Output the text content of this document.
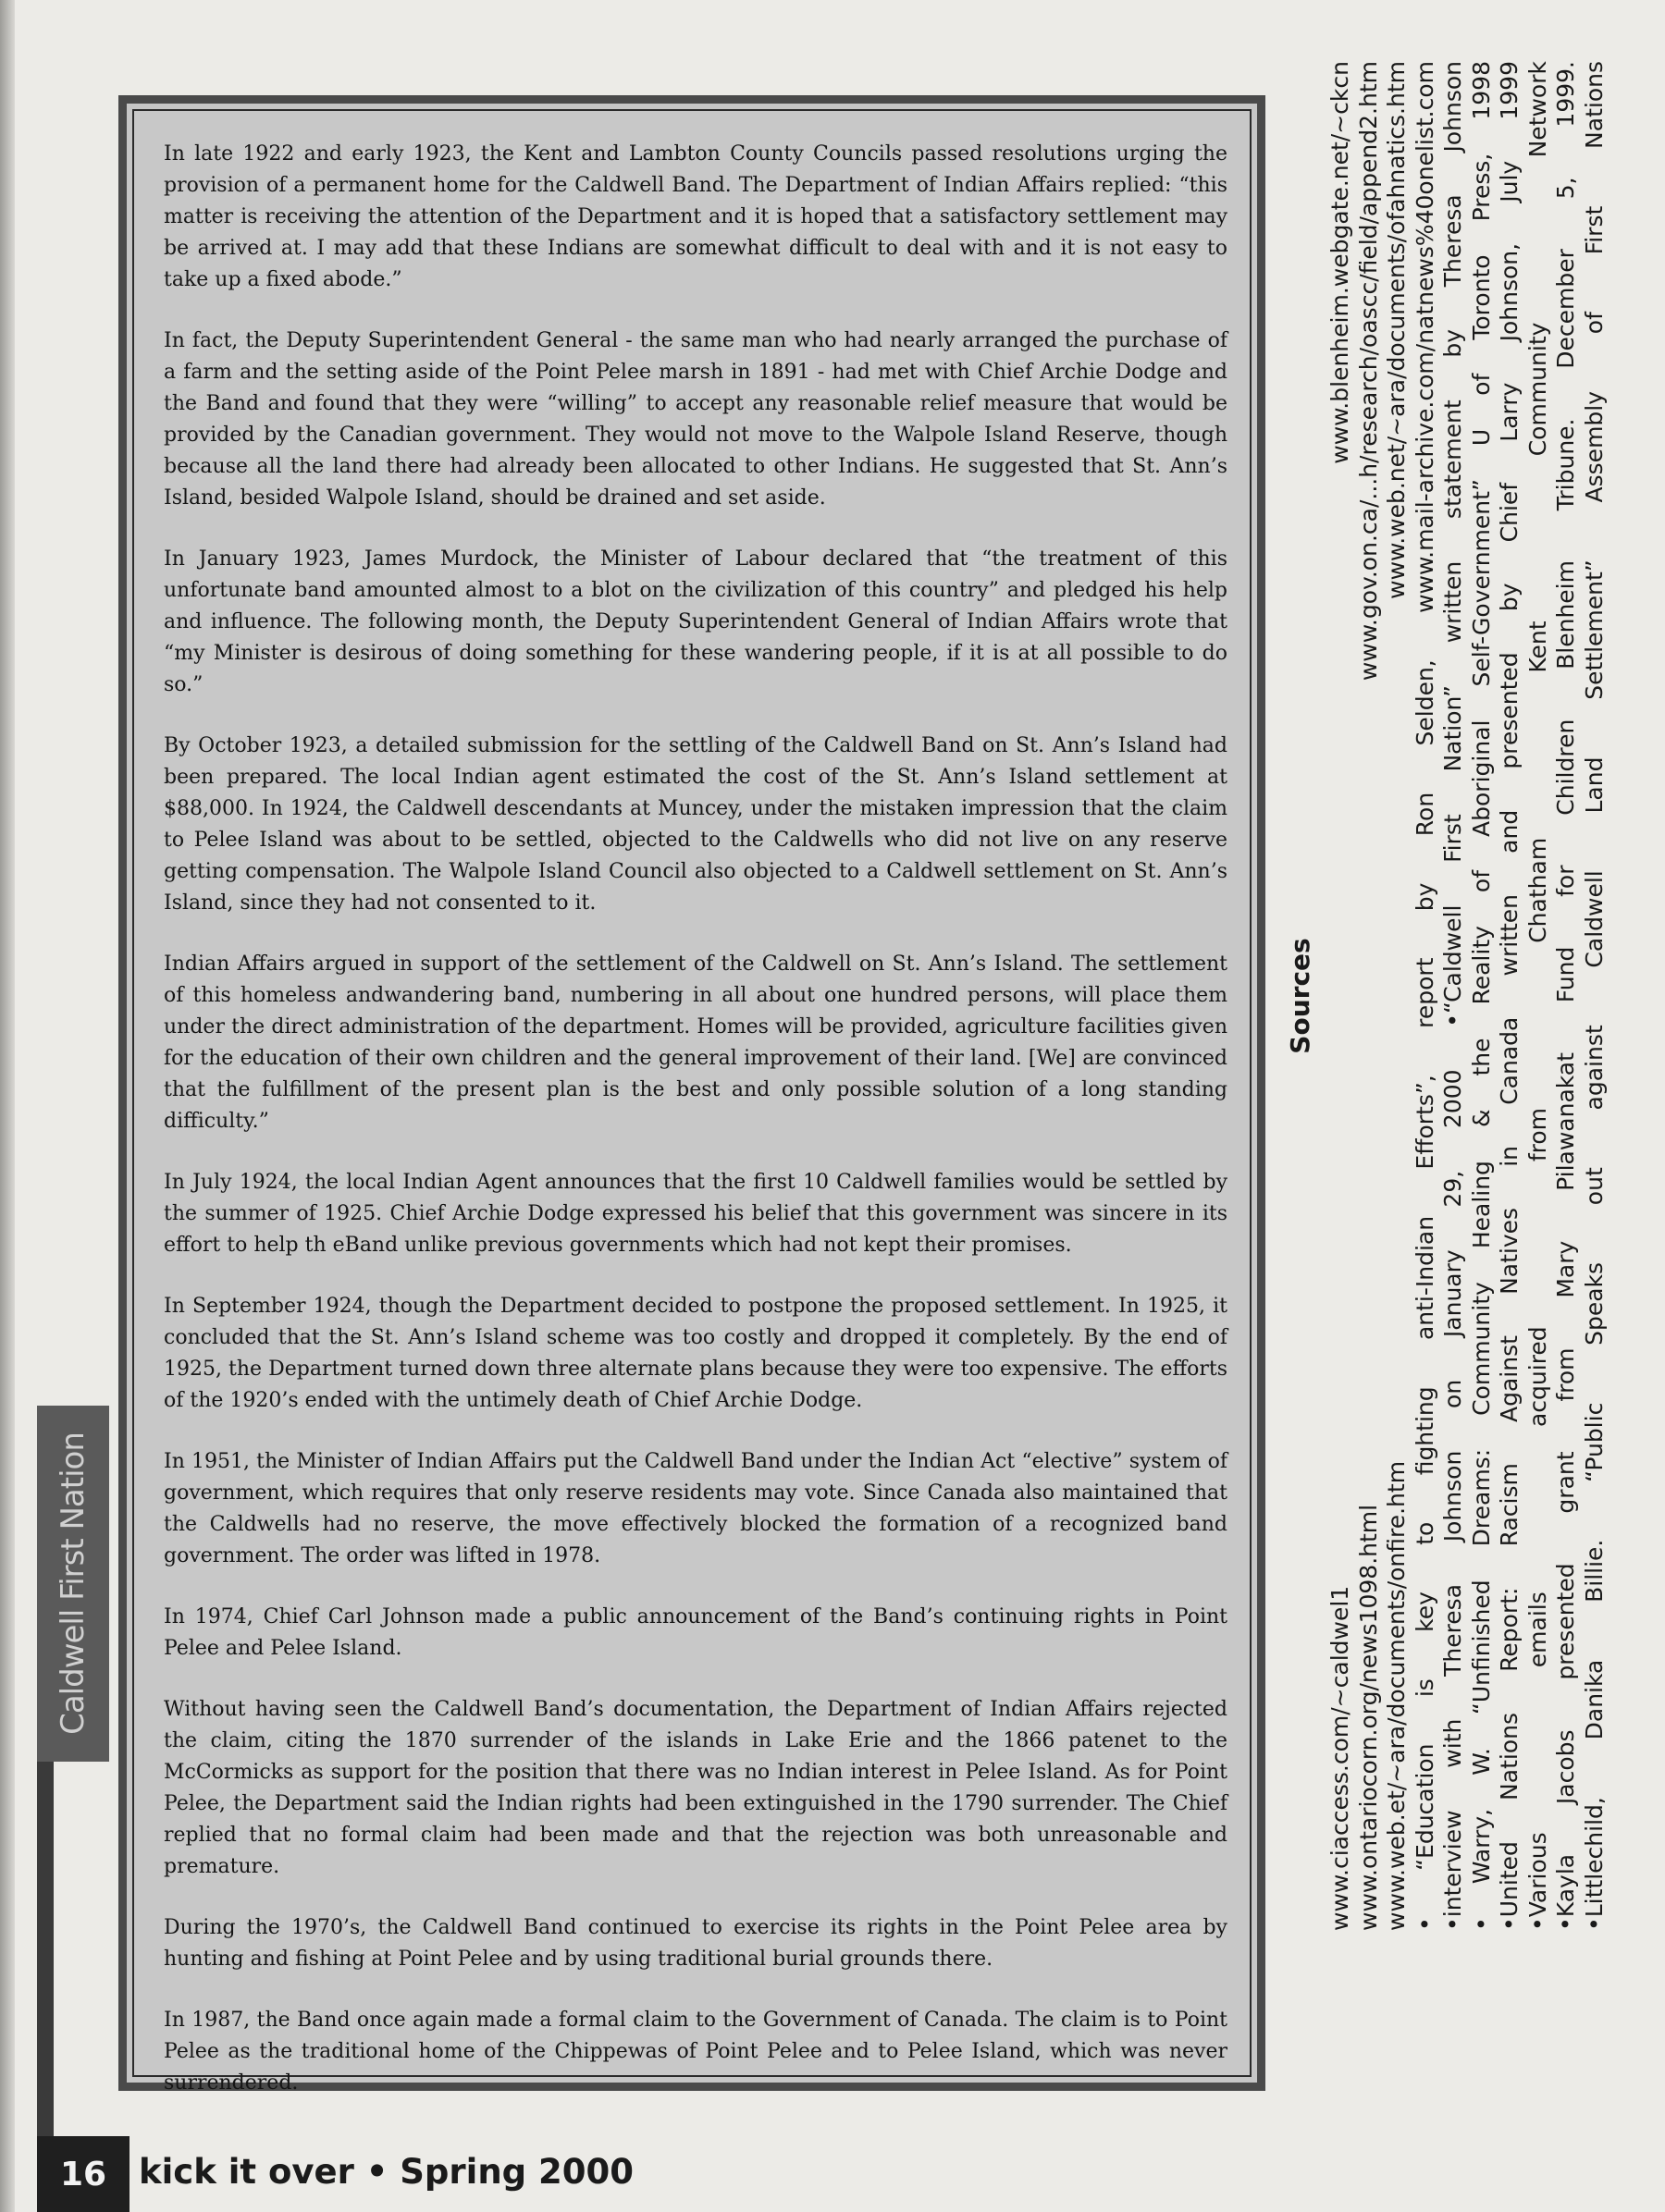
In late 1922 and early 1923, the Kent and Lambton County Councils passed resolutions urging the provision of a permanent home for the Caldwell Band. The Department of Indian Affairs replied: “this matter is receiving the attention of the Department and it is hoped that a satisfactory settlement may be arrived at. I may add that these Indians are somewhat difficult to deal with and it is not easy to take up a fixed abode.”

In fact, the Deputy Superintendent General - the same man who had nearly arranged the purchase of a farm and the setting aside of the Point Pelee marsh in 1891 - had met with Chief Archie Dodge and the Band and found that they were “willing” to accept any reasonable relief measure that would be provided by the Canadian government. They would not move to the Walpole Island Reserve, though because all the land there had already been allocated to other Indians. He suggested that St. Ann’s Island, besided Walpole Island, should be drained and set aside.

In January 1923, James Murdock, the Minister of Labour declared that “the treatment of this unfortunate band amounted almost to a blot on the civilization of this country” and pledged his help and influence. The following month, the Deputy Superintendent General of Indian Affairs wrote that “my Minister is desirous of doing something for these wandering people, if it is at all possible to do so.”

By October 1923, a detailed submission for the settling of the Caldwell Band on St. Ann’s Island had been prepared. The local Indian agent estimated the cost of the St. Ann’s Island settlement at $88,000. In 1924, the Caldwell descendants at Muncey, under the mistaken impression that the claim to Pelee Island was about to be settled, objected to the Caldwells who did not live on any reserve getting compensation. The Walpole Island Council also objected to a Caldwell settlement on St. Ann’s Island, since they had not consented to it.

Indian Affairs argued in support of the settlement of the Caldwell on St. Ann’s Island. The settlement of this homeless andwandering band, numbering in all about one hundred persons, will place them under the direct administration of the department. Homes will be provided, agriculture facilities given for the education of their own children and the general improvement of their land. [We] are convinced that the fulfillment of the present plan is the best and only possible solution of a long standing difficulty.”

In July 1924, the local Indian Agent announces that the first 10 Caldwell families would be settled by the summer of 1925. Chief Archie Dodge expressed his belief that this government was sincere in its effort to help th eBand unlike previous governments which had not kept their promises.

In September 1924, though the Department decided to postpone the proposed settlement. In 1925, it concluded that the St. Ann’s Island scheme was too costly and dropped it completely. By the end of 1925, the Department turned down three alternate plans because they were too expensive. The efforts of the 1920’s ended with the untimely death of Chief Archie Dodge.

In 1951, the Minister of Indian Affairs put the Caldwell Band under the Indian Act “elective” system of government, which requires that only reserve residents may vote. Since Canada also maintained that the Caldwells had no reserve, the move effectively blocked the formation of a recognized band government. The order was lifted in 1978.

In 1974, Chief Carl Johnson made a public announcement of the Band’s continuing rights in Point Pelee and Pelee Island.

Without having seen the Caldwell Band’s documentation, the Department of Indian Affairs rejected the claim, citing the 1870 surrender of the islands in Lake Erie and the 1866 patenet to the McCormicks as support for the position that there was no Indian interest in Pelee Island. As for Point Pelee, the Department said the Indian rights had been extinguished in the 1790 surrender. The Chief replied that no formal claim had been made and that the rejection was both unreasonable and premature.

During the 1970’s, the Caldwell Band continued to exercise its rights in the Point Pelee area by hunting and fishing at Point Pelee and by using traditional burial grounds there.

In 1987, the Band once again made a formal claim to the Government of Canada. The claim is to Point Pelee as the traditional home of the Chippewas of Point Pelee and to Pelee Island, which was never surrendered.

Caldwell First Nation
16 kick it over • Spring 2000
Sources www.ciaccess.com/~caldwel1 www.blenheim.webgate.net/~ckcn www.ontariocorn.org/news1098.html www.gov.on.ca/...h/research/oascc/field/append2.htm www.web.et/~ara/documents/onfire.htm www.web.net/~ara/documents/ofahnatics.htm • “Education is key to fighting anti-Indian Efforts”, report by Ron Selden, www.mail-archive.com/natnews%40onelist.com •interview with Theresa Johnson on January 29, 2000 •“Caldwell First Nation” written statement by Theresa Johnson • Warry, W. “Unfinished Dreams: Community Healing & the Reality of Aboriginal Self-Government” U of Toronto Press, 1998 •United Nations Report: Racism Against Natives in Canada written and presented by Chief Larry Johnson, July 1999 •Various emails acquired from Chatham Kent Community Network •Kayla Jacobs presented grant from Mary Pilawanakat Fund for Children Blenheim Tribune. December 5, 1999. •Littlechild, Danika Billie. “Public Speaks out against Caldwell Land Settlement” Assembly of First Nations
